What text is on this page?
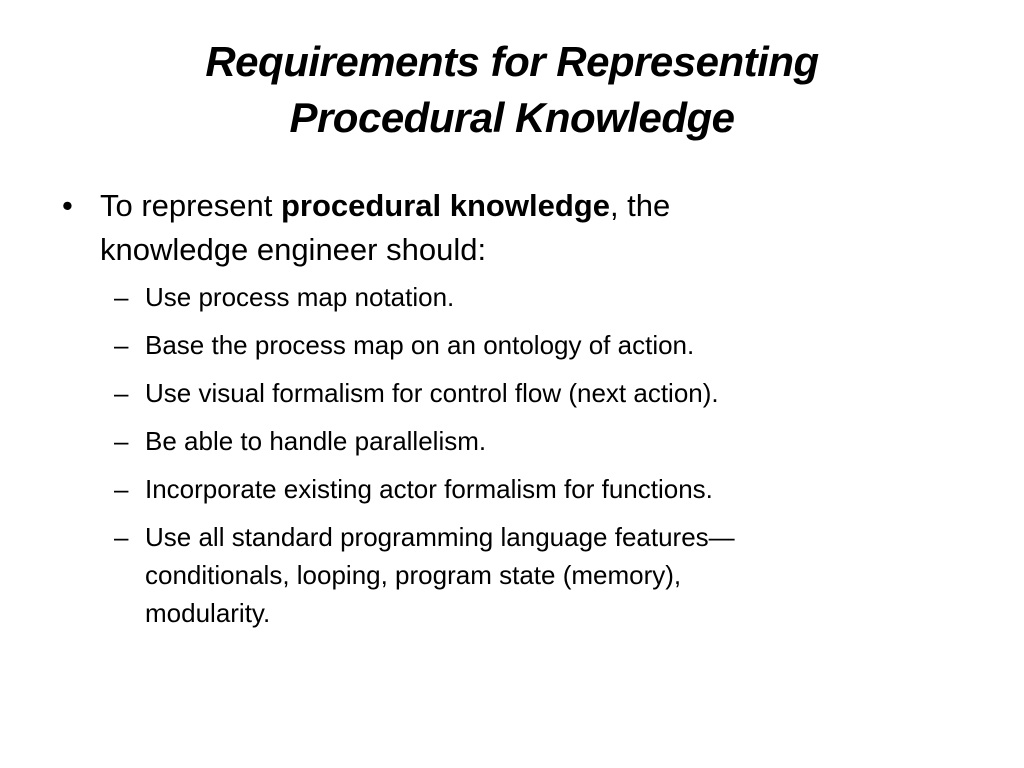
Requirements for Representing
Procedural Knowledge
• To represent procedural knowledge, the
knowledge engineer should:
– Use process map notation.
– Base the process map on an ontology of action.
– Use visual formalism for control flow (next action).
– Be able to handle parallelism.
– Incorporate existing actor formalism for functions.
– Use all standard programming language features—
conditionals, looping, program state (memory),
modularity.
